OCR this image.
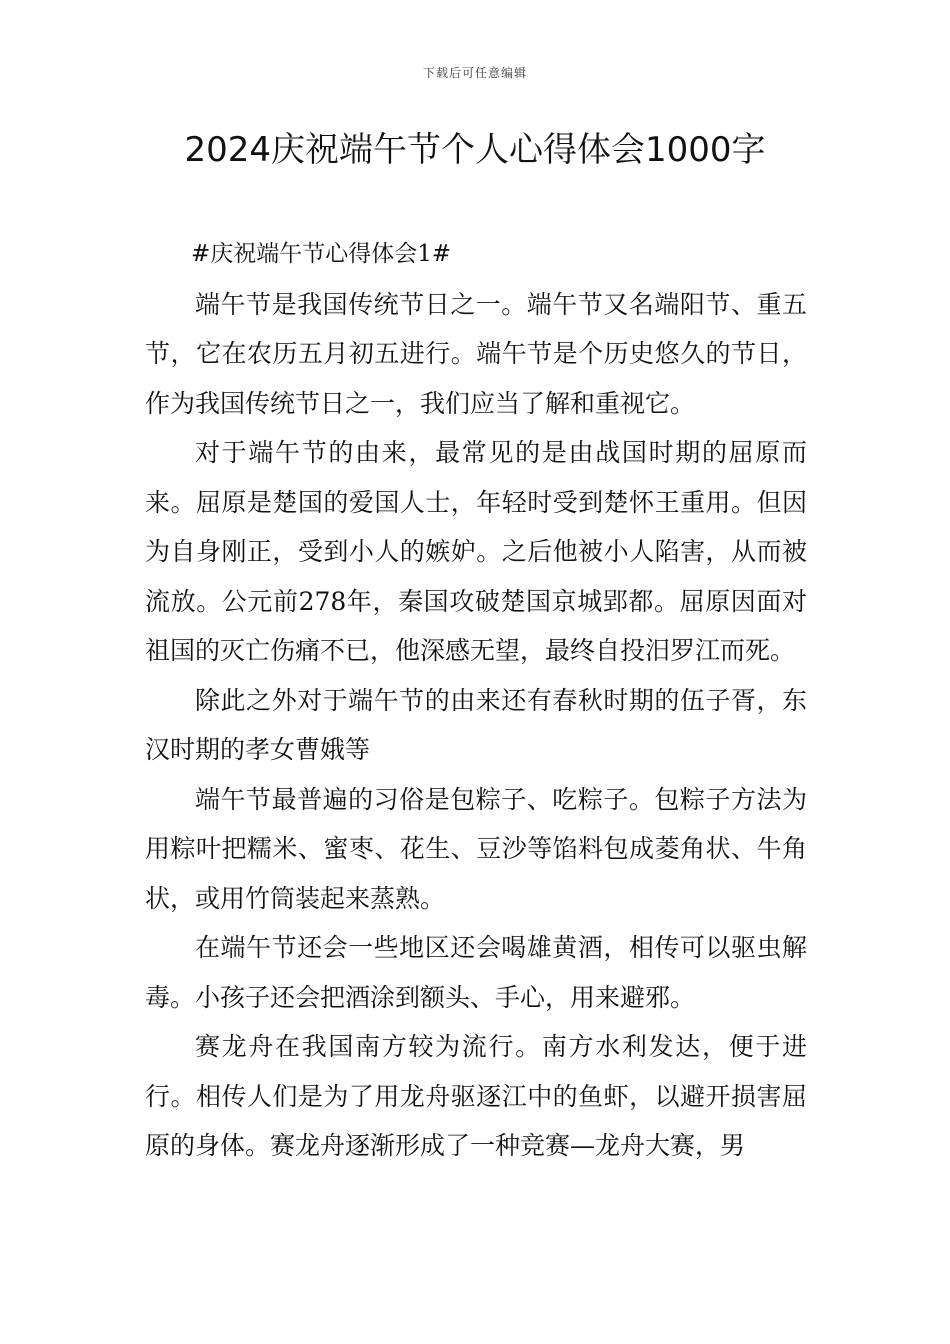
下载后可任意编辑
2024庆祝端午节个人心得体会1000字

#庆祝端午节心得体会1#

端午节是我国传统节日之一。端午节又名端阳节、重五节，它在农历五月初五进行。端午节是个历史悠久的节日，作为我国传统节日之一，我们应当了解和重视它。

对于端午节的由来，最常见的是由战国时期的屈原而来。屈原是楚国的爱国人士，年轻时受到楚怀王重用。但因为自身刚正，受到小人的嫉妒。之后他被小人陷害，从而被流放。公元前278年，秦国攻破楚国京城郢都。屈原因面对祖国的灭亡伤痛不已，他深感无望，最终自投汨罗江而死。

除此之外对于端午节的由来还有春秋时期的伍子胥，东汉时期的孝女曹娥等

端午节最普遍的习俗是包粽子、吃粽子。包粽子方法为用粽叶把糯米、蜜枣、花生、豆沙等馅料包成菱角状、牛角状，或用竹筒装起来蒸熟。

在端午节还会一些地区还会喝雄黄酒，相传可以驱虫解毒。小孩子还会把酒涂到额头、手心，用来避邪。

赛龙舟在我国南方较为流行。南方水利发达，便于进行。相传人们是为了用龙舟驱逐江中的鱼虾，以避开损害屈原的身体。赛龙舟逐渐形成了一种竞赛—龙舟大赛，男
